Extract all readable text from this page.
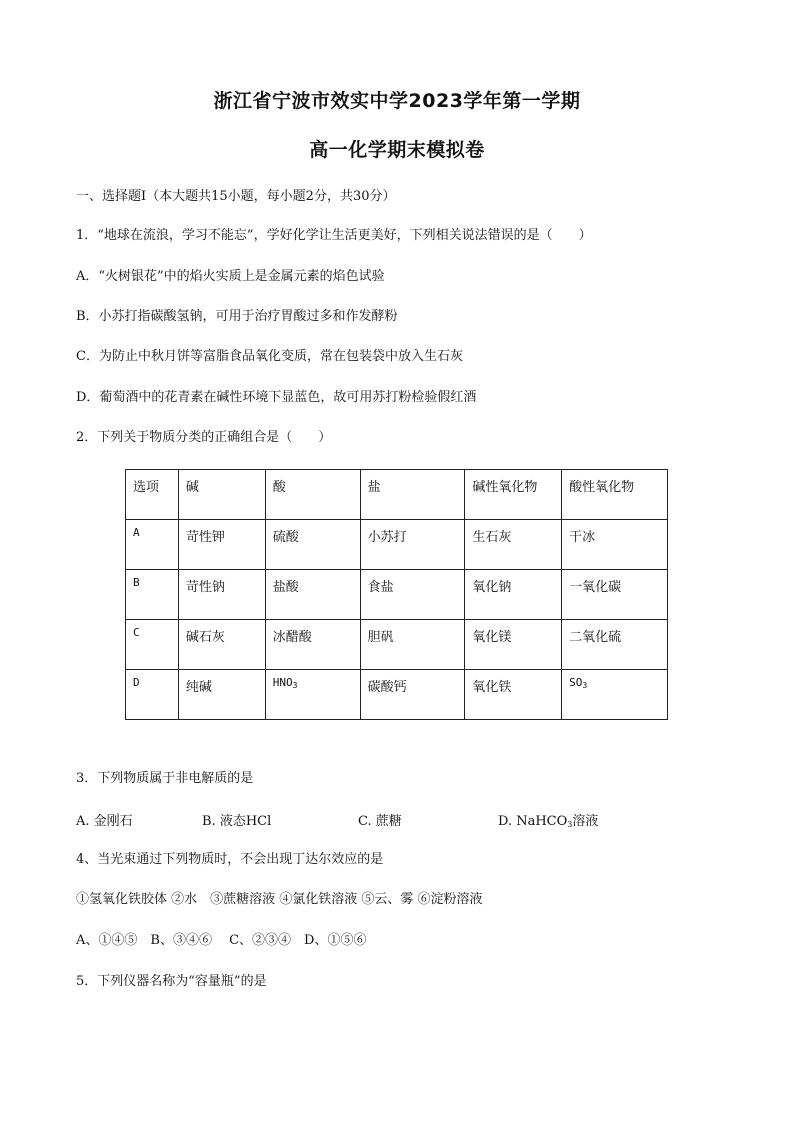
浙江省宁波市效实中学2023学年第一学期
高一化学期末模拟卷
一、选择题Ⅰ（本大题共15小题，每小题2分，共30分）
1．“地球在流浪，学习不能忘”，学好化学让生活更美好，下列相关说法错误的是（　　）
A．“火树银花”中的焰火实质上是金属元素的焰色试验
B．小苏打指碳酸氢钠，可用于治疗胃酸过多和作发酵粉
C．为防止中秋月饼等富脂食品氧化变质，常在包装袋中放入生石灰
D．葡萄酒中的花青素在碱性环境下显蓝色，故可用苏打粉检验假红酒
2．下列关于物质分类的正确组合是（　　）
选项	碱	酸	盐	碱性氧化物	酸性氧化物
A	苛性钾	硫酸	小苏打	生石灰	干冰
B	苛性钠	盐酸	食盐	氧化钠	一氧化碳
C	碱石灰	冰醋酸	胆矾	氧化镁	二氧化硫
D	纯碱	$HNO_3$	碳酸钙	氧化铁	$SO_3$
3．下列物质属于非电解质的是
A. 金刚石	B. 液态HCl	C. 蔗糖	D. NaHCO$_3$溶液
4、当光束通过下列物质时，不会出现丁达尔效应的是
①氢氧化铁胶体 ②水　③蔗糖溶液 ④氯化铁溶液 ⑤云、雾 ⑥淀粉溶液
A、①④⑤　B、③④⑥　 C、②③④　D、①⑤⑥
5．下列仪器名称为“容量瓶”的是
